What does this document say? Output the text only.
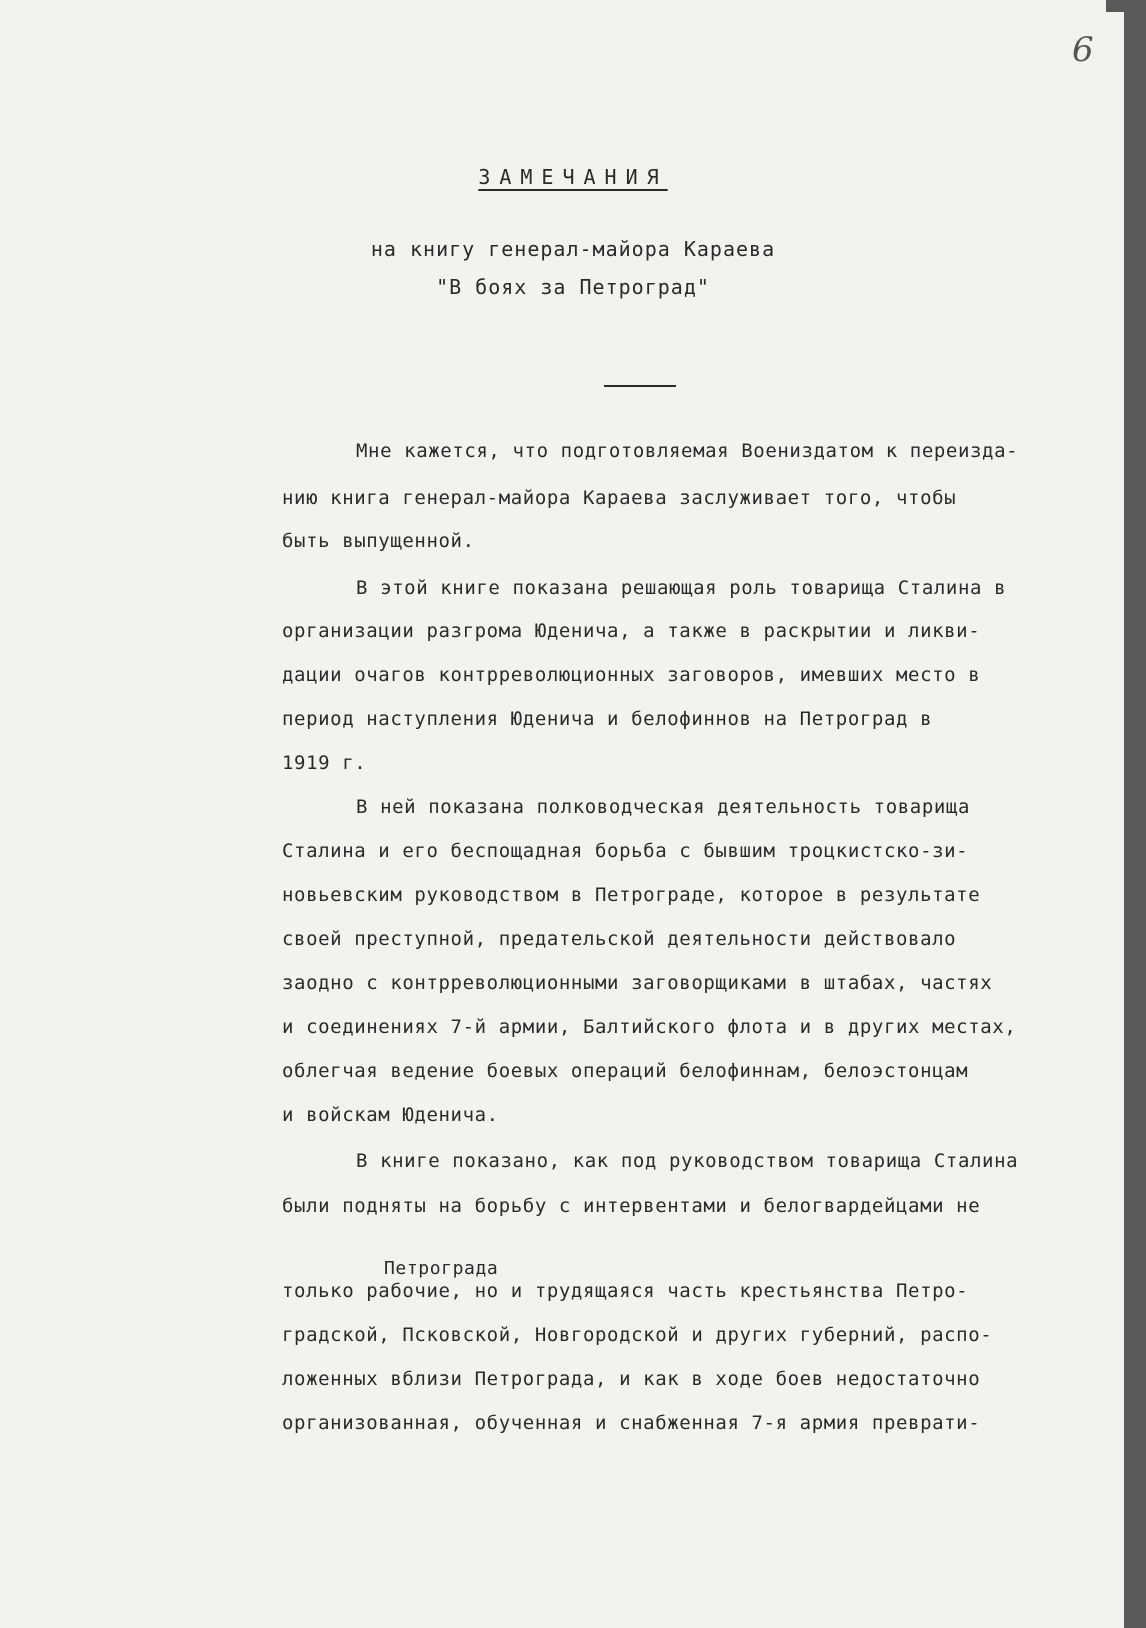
6
ЗАМЕЧАНИЯ
на книгу генерал-майора Караева
"В боях за Петроград"
Мне кажется, что подготовляемая Воениздатом к переизда-
нию книга генерал-майора Караева заслуживает того, чтобы
быть выпущенной.
В этой книге показана решающая роль товарища Сталина в
организации разгрома Юденича, а также в раскрытии и ликви-
дации очагов контрреволюционных заговоров, имевших место в
период наступления Юденича и белофиннов на Петроград в
1919 г.
В ней показана полководческая деятельность товарища
Сталина и его беспощадная борьба с бывшим троцкистско-зи-
новьевским руководством в Петрограде, которое в результате
своей преступной, предательской деятельности действовало
заодно с контрреволюционными заговорщиками в штабах, частях
и соединениях 7-й армии, Балтийского флота и в других местах,
облегчая ведение боевых операций белофиннам, белоэстонцам
и войскам Юденича.
В книге показано, как под руководством товарища Сталина
были подняты на борьбу с интервентами и белогвардейцами не
Петрограда
только рабочие, но и трудящаяся часть крестьянства Петро-
градской, Псковской, Новгородской и других губерний, распо-
ложенных вблизи Петрограда, и как в ходе боев недостаточно
организованная, обученная и снабженная 7-я армия преврати-
